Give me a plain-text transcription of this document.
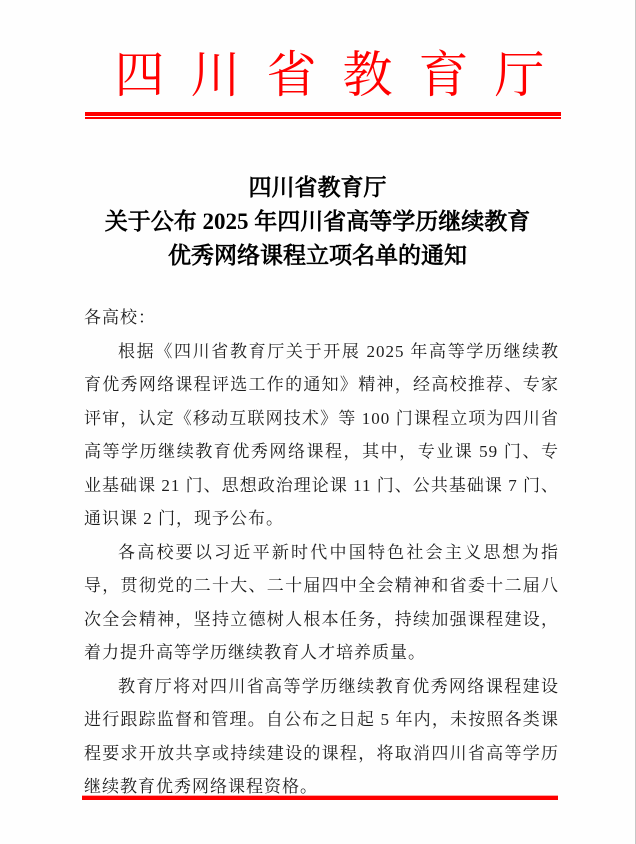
四川省教育厅
四川省教育厅
关于公布 2025 年四川省高等学历继续教育
优秀网络课程立项名单的通知

各高校：

根据《四川省教育厅关于开展 2025 年高等学历继续教育优秀网络课程评选工作的通知》精神，经高校推荐、专家评审，认定《移动互联网技术》等 100 门课程立项为四川省高等学历继续教育优秀网络课程，其中，专业课 59 门、专业基础课 21 门、思想政治理论课 11 门、公共基础课 7 门、通识课 2 门，现予公布。

各高校要以习近平新时代中国特色社会主义思想为指导，贯彻党的二十大、二十届四中全会精神和省委十二届八次全会精神，坚持立德树人根本任务，持续加强课程建设，着力提升高等学历继续教育人才培养质量。

教育厅将对四川省高等学历继续教育优秀网络课程建设进行跟踪监督和管理。自公布之日起 5 年内，未按照各类课程要求开放共享或持续建设的课程，将取消四川省高等学历继续教育优秀网络课程资格。
